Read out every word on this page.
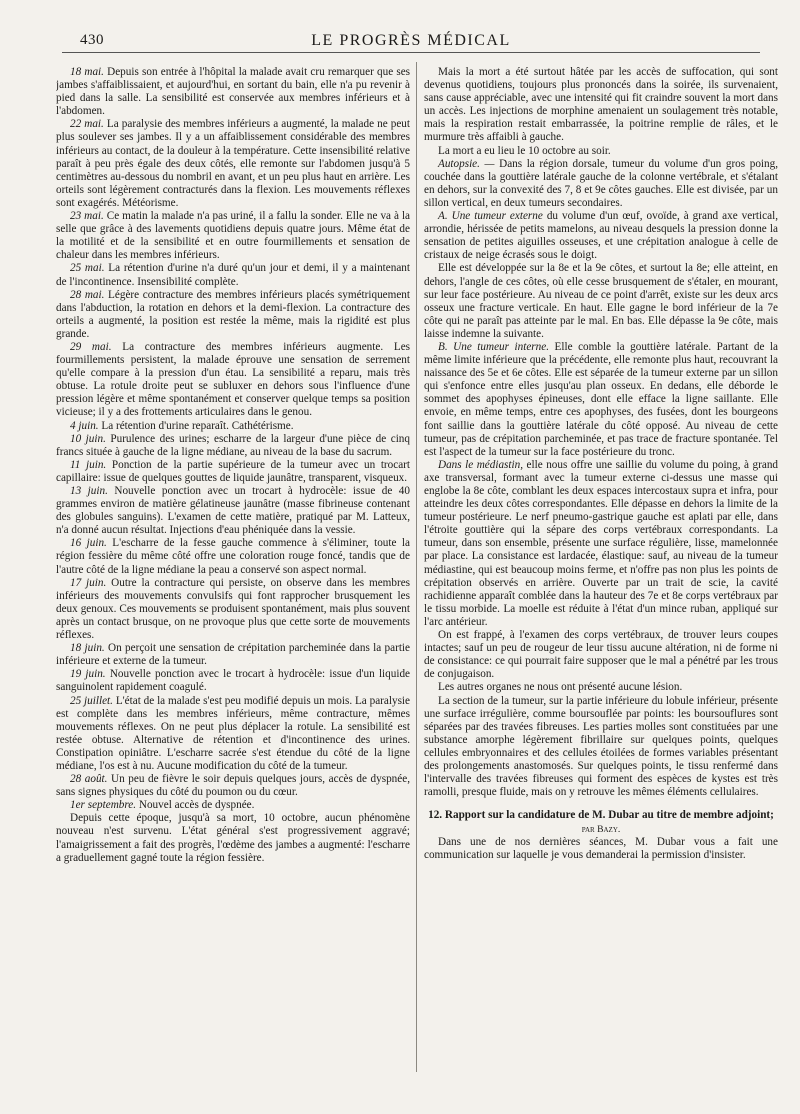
430	LE PROGRÈS MÉDICAL

18 mai. Depuis son entrée à l'hôpital la malade avait cru remarquer que ses jambes s'affaiblissaient, et aujourd'hui, en sortant du bain, elle n'a pu revenir à pied dans la salle. La sensibilité est conservée aux membres inférieurs et à l'abdomen.

22 mai. La paralysie des membres inférieurs a augmenté, la malade ne peut plus soulever ses jambes. Il y a un affaiblissement considérable des membres inférieurs au contact, de la douleur à la température. Cette insensibilité relative paraît à peu près égale des deux côtés, elle remonte sur l'abdomen jusqu'à 5 centimètres au-dessous du nombril en avant, et un peu plus haut en arrière. Les orteils sont légèrement contracturés dans la flexion. Les mouvements réflexes sont exagérés. Météorisme.

23 mai. Ce matin la malade n'a pas uriné, il a fallu la sonder. Elle ne va à la selle que grâce à des lavements quotidiens depuis quatre jours. Même état de la motilité et de la sensibilité et en outre fourmillements et sensation de chaleur dans les membres inférieurs.

25 mai. La rétention d'urine n'a duré qu'un jour et demi, il y a maintenant de l'incontinence. Insensibilité complète.

28 mai. Légère contracture des membres inférieurs placés symétriquement dans l'abduction, la rotation en dehors et la demi-flexion. La contracture des orteils a augmenté, la position est restée la même, mais la rigidité est plus grande.

29 mai. La contracture des membres inférieurs augmente. Les fourmillements persistent, la malade éprouve une sensation de serrement qu'elle compare à la pression d'un étau. La sensibilité a reparu, mais très obtuse. La rotule droite peut se subluxer en dehors sous l'influence d'une pression légère et même spontanément et conserver quelque temps sa position vicieuse; il y a des frottements articulaires dans le genou.

4 juin. La rétention d'urine reparaît. Cathétérisme.

10 juin. Purulence des urines; escharre de la largeur d'une pièce de cinq francs située à gauche de la ligne médiane, au niveau de la base du sacrum.

11 juin. Ponction de la partie supérieure de la tumeur avec un trocart capillaire: issue de quelques gouttes de liquide jaunâtre, transparent, visqueux.

13 juin. Nouvelle ponction avec un trocart à hydrocèle: issue de 40 grammes environ de matière gélatineuse jaunâtre (masse fibrineuse contenant des globules sanguins). L'examen de cette matière, pratiqué par M. Latteux, n'a donné aucun résultat. Injections d'eau phéniquée dans la vessie.

16 juin. L'escharre de la fesse gauche commence à s'éliminer, toute la région fessière du même côté offre une coloration rouge foncé, tandis que de l'autre côté de la ligne médiane la peau a conservé son aspect normal.

17 juin. Outre la contracture qui persiste, on observe dans les membres inférieurs des mouvements convulsifs qui font rapprocher brusquement les deux genoux. Ces mouvements se produisent spontanément, mais plus souvent après un contact brusque, on ne provoque plus que cette sorte de mouvements réflexes.

18 juin. On perçoit une sensation de crépitation parcheminée dans la partie inférieure et externe de la tumeur.

19 juin. Nouvelle ponction avec le trocart à hydrocèle: issue d'un liquide sanguinolent rapidement coagulé.

25 juillet. L'état de la malade s'est peu modifié depuis un mois. La paralysie est complète dans les membres inférieurs, même contracture, mêmes mouvements réflexes. On ne peut plus déplacer la rotule. La sensibilité est restée obtuse. Alternative de rétention et d'incontinence des urines. Constipation opiniâtre. L'escharre sacrée s'est étendue du côté de la ligne médiane, l'os est à nu. Aucune modification du côté de la tumeur.

28 août. Un peu de fièvre le soir depuis quelques jours, accès de dyspnée, sans signes physiques du côté du poumon ou du cœur.

1er septembre. Nouvel accès de dyspnée.

Depuis cette époque, jusqu'à sa mort, 10 octobre, aucun phénomène nouveau n'est survenu. L'état général s'est progressivement aggravé; l'amaigrissement a fait des progrès, l'œdème des jambes a augmenté: l'escharre a graduellement gagné toute la région fessière.

Mais la mort a été surtout hâtée par les accès de suffocation, qui sont devenus quotidiens, toujours plus prononcés dans la soirée, ils survenaient, sans cause appréciable, avec une intensité qui fit craindre souvent la mort dans un accès. Les injections de morphine amenaient un soulagement très notable, mais la respiration restait embarrassée, la poitrine remplie de râles, et le murmure très affaibli à gauche.

La mort a eu lieu le 10 octobre au soir.

Autopsie. — Dans la région dorsale, tumeur du volume d'un gros poing, couchée dans la gouttière latérale gauche de la colonne vertébrale, et s'étalant en dehors, sur la convexité des 7, 8 et 9e côtes gauches. Elle est divisée, par un sillon vertical, en deux tumeurs secondaires.

A. Une tumeur externe du volume d'un œuf, ovoïde, à grand axe vertical, arrondie, hérissée de petits mamelons, au niveau desquels la pression donne la sensation de petites aiguilles osseuses, et une crépitation analogue à celle de cristaux de neige écrasés sous le doigt.

Elle est développée sur la 8e et la 9e côtes, et surtout la 8e; elle atteint, en dehors, l'angle de ces côtes, où elle cesse brusquement de s'étaler, en mourant, sur leur face postérieure. Au niveau de ce point d'arrêt, existe sur les deux arcs osseux une fracture verticale. En haut. Elle gagne le bord inférieur de la 7e côte qui ne paraît pas atteinte par le mal. En bas. Elle dépasse la 9e côte, mais laisse indemne la suivante.

B. Une tumeur interne. Elle comble la gouttière latérale. Partant de la même limite inférieure que la précédente, elle remonte plus haut, recouvrant la naissance des 5e et 6e côtes. Elle est séparée de la tumeur externe par un sillon qui s'enfonce entre elles jusqu'au plan osseux. En dedans, elle déborde le sommet des apophyses épineuses, dont elle efface la ligne saillante. Elle envoie, en même temps, entre ces apophyses, des fusées, dont les bourgeons font saillie dans la gouttière latérale du côté opposé. Au niveau de cette tumeur, pas de crépitation parcheminée, et pas trace de fracture spontanée. Tel est l'aspect de la tumeur sur la face postérieure du tronc.

Dans le médiastin, elle nous offre une saillie du volume du poing, à grand axe transversal, formant avec la tumeur externe ci-dessus une masse qui englobe la 8e côte, comblant les deux espaces intercostaux supra et infra, pour atteindre les deux côtes correspondantes. Elle dépasse en dehors la limite de la tumeur postérieure. Le nerf pneumo-gastrique gauche est aplati par elle, dans l'étroite gouttière qui la sépare des corps vertébraux correspondants. La tumeur, dans son ensemble, présente une surface régulière, lisse, mamelonnée par place. La consistance est lardacée, élastique: sauf, au niveau de la tumeur médiastine, qui est beaucoup moins ferme, et n'offre pas non plus les points de crépitation observés en arrière. Ouverte par un trait de scie, la cavité rachidienne apparaît comblée dans la hauteur des 7e et 8e corps vertébraux par le tissu morbide. La moelle est réduite à l'état d'un mince ruban, appliqué sur l'arc antérieur.

On est frappé, à l'examen des corps vertébraux, de trouver leurs coupes intactes; sauf un peu de rougeur de leur tissu aucune altération, ni de forme ni de consistance: ce qui pourrait faire supposer que le mal a pénétré par les trous de conjugaison.

Les autres organes ne nous ont présenté aucune lésion.

La section de la tumeur, sur la partie inférieure du lobule inférieur, présente une surface irrégulière, comme boursouflée par points: les boursouflures sont séparées par des travées fibreuses. Les parties molles sont constituées par une substance amorphe légèrement fibrillaire sur quelques points, quelques cellules embryonnaires et des cellules étoilées de formes variables présentant des prolongements anastomosés. Sur quelques points, le tissu renfermé dans l'intervalle des travées fibreuses qui forment des espèces de kystes est très ramolli, presque fluide, mais on y retrouve les mêmes éléments cellulaires.

12. Rapport sur la candidature de M. Dubar au titre de membre adjoint; par Bazy.

Dans une de nos dernières séances, M. Dubar vous a fait une communication sur laquelle je vous demanderai la permission d'insister.
